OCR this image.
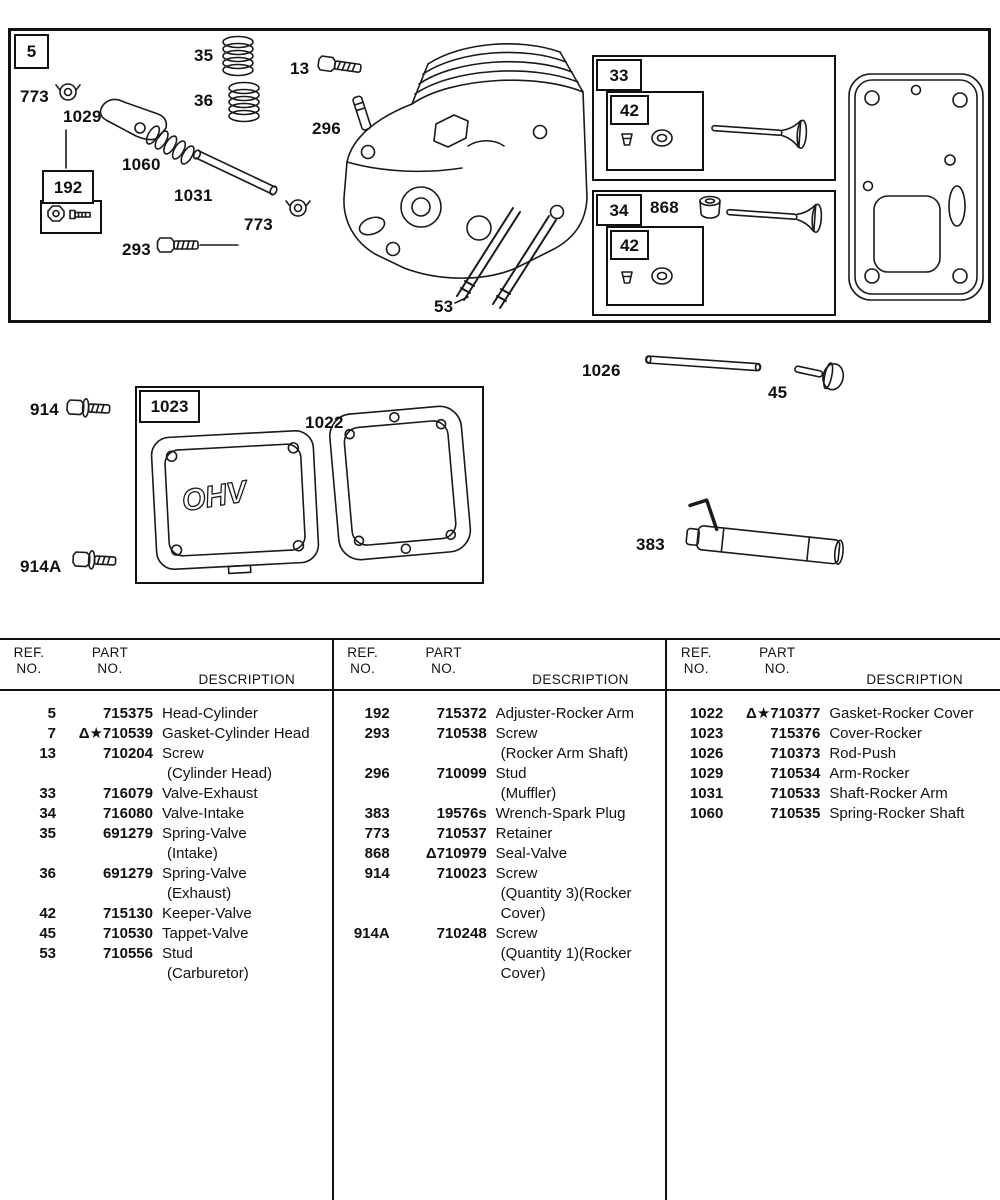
OHV
5
192
33
42
34
42
1023
35
13
773
1029
36
296
1060
1031
773
293
53
868
914
1022
914A
1026
45
383
REF.
NO.
PART
NO.
DESCRIPTION
5	715375 Head-Cylinder
7	Δ★710539 Gasket-Cylinder Head
13	710204 Screw
(Cylinder Head)
33	716079 Valve-Exhaust
34	716080 Valve-Intake
35	691279 Spring-Valve
(Intake)
36	691279 Spring-Valve
(Exhaust)
42	715130 Keeper-Valve
45	710530 Tappet-Valve
53	710556 Stud
(Carburetor)
REF.
NO.
PART
NO.
DESCRIPTION
192	715372 Adjuster-Rocker Arm
293	710538 Screw
(Rocker Arm Shaft)
296	710099 Stud
(Muffler)
383	19576s Wrench-Spark Plug
773	710537 Retainer
868	Δ710979 Seal-Valve
914	710023 Screw
(Quantity 3)(Rocker
Cover)
914A	710248 Screw
(Quantity 1)(Rocker
Cover)
REF.
NO.
PART
NO.
DESCRIPTION
1022	Δ★710377 Gasket-Rocker Cover
1023	715376 Cover-Rocker
1026	710373 Rod-Push
1029	710534 Arm-Rocker
1031	710533 Shaft-Rocker Arm
1060	710535 Spring-Rocker Shaft
